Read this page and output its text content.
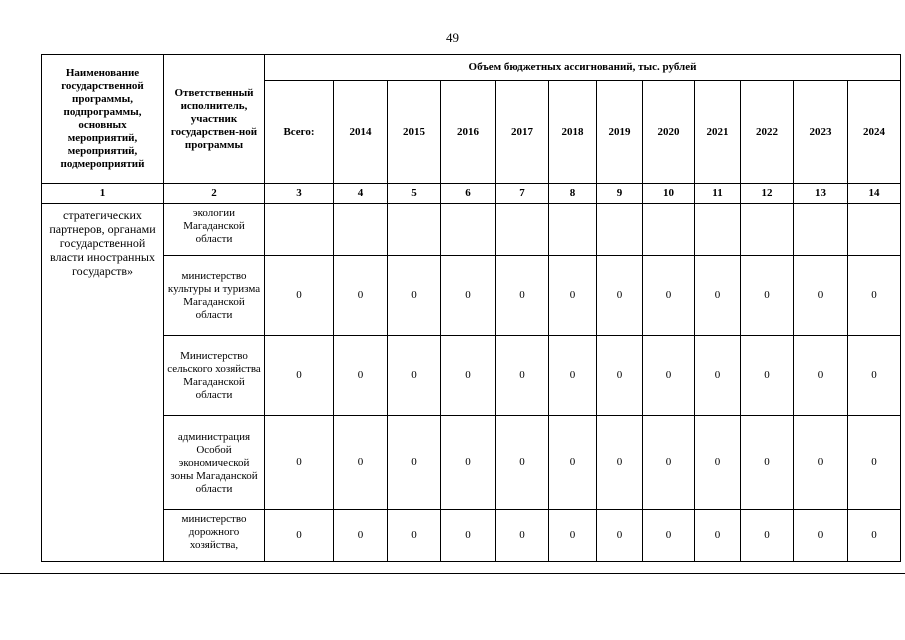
49
Наименование государственной программы, подпрограммы, основных мероприятий, мероприятий, подмероприятий	Ответственный исполнитель, участник государствен-ной программы	Объем бюджетных ассигнований, тыс. рублей											
		Всего:	2014	2015	2016	2017	2018	2019	2020	2021	2022	2023	2024
1	2	3	4	5	6	7	8	9	10	11	12	13	14
стратегических партнеров, органами государственной власти иностранных государств»	экологии Магаданской области												
	министерство культуры и туризма Магаданской области	0	0	0	0	0	0	0	0	0	0	0	0
	Министерство сельского хозяйства Магаданской области	0	0	0	0	0	0	0	0	0	0	0	0
	администрация Особой экономической зоны Магаданской области	0	0	0	0	0	0	0	0	0	0	0	0
	министерство дорожного хозяйства,	0	0	0	0	0	0	0	0	0	0	0	0
